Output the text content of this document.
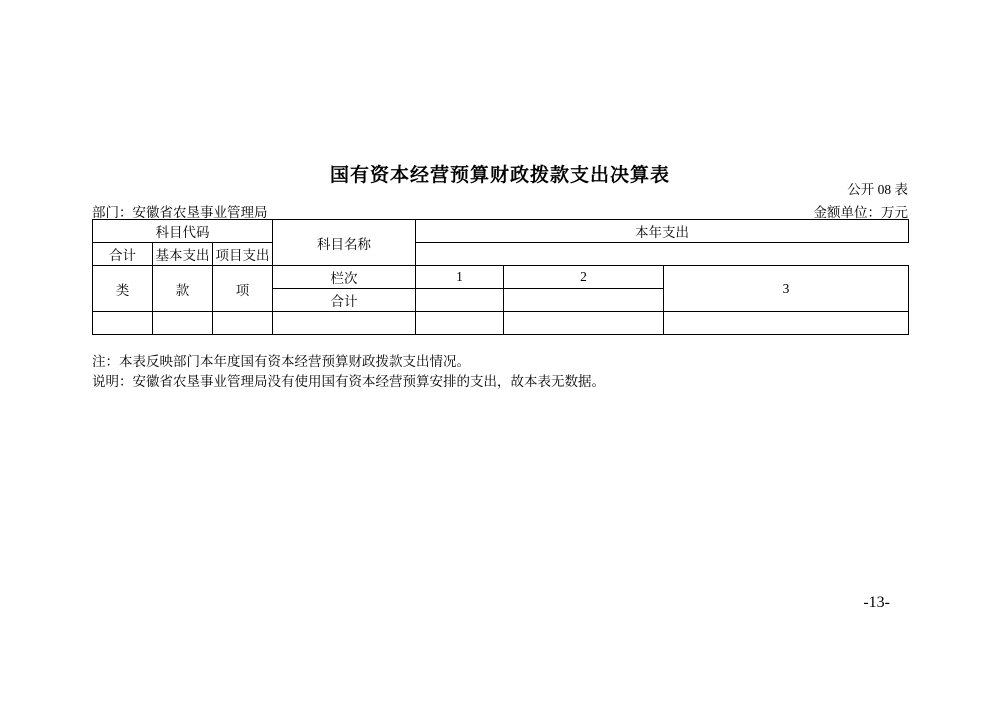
国有资本经营预算财政拨款支出决算表
公开 08 表
部门：安徽省农垦事业管理局	金额单位：万元
科目代码			科目名称	本年支出		
合计	基本支出	项目支出				
类	款	项	栏次	1	2	3
			合计			

注：本表反映部门本年度国有资本经营预算财政拨款支出情况。
说明：安徽省农垦事业管理局没有使用国有资本经营预算安排的支出，故本表无数据。
-13-
